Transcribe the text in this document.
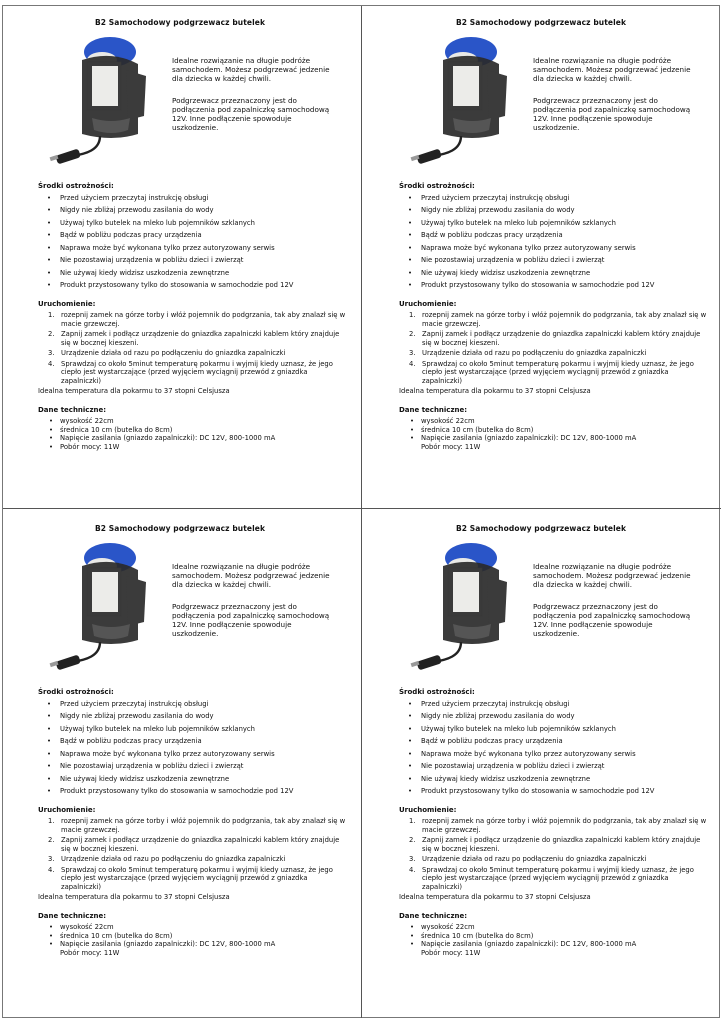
B2 Samochodowy podgrzewacz butelek

Idealne rozwiązanie na długie podróże samochodem. Możesz podgrzewać jedzenie dla dziecka w każdej chwili.

Podgrzewacz przeznaczony jest do podłączenia pod zapalniczkę samochodową 12V. Inne podłączenie spowoduje uszkodzenie.

Środki ostrożności:
• Przed użyciem przeczytaj instrukcję obsługi
• Nigdy nie zbliżaj przewodu zasilania do wody
• Używaj tylko butelek na mleko lub pojemników szklanych
• Bądź w pobliżu podczas pracy urządzenia
• Naprawa może być wykonana tylko przez autoryzowany serwis
• Nie pozostawiaj urządzenia w pobliżu dzieci i zwierząt
• Nie używaj kiedy widzisz uszkodzenia zewnętrzne
• Produkt przystosowany tylko do stosowania w samochodzie pod 12V
Uruchomienie:
1. rozepnij zamek na górze torby i włóż pojemnik do podgrzania, tak aby znalazł się w macie grzewczej.
2. Zapnij zamek i podłącz urządzenie do gniazdka zapalniczki kablem który znajduje się w bocznej kieszeni.
3. Urządzenie działa od razu po podłączeniu do gniazdka zapalniczki
4. Sprawdzaj co około 5minut temperaturę pokarmu i wyjmij kiedy uznasz, że jego ciepło jest wystarczające (przed wyjęciem wyciągnij przewód z gniazdka zapalniczki)
Idealna temperatura dla pokarmu to 37 stopni Celsjusza
Dane techniczne:
• wysokość 22cm
• średnica 10 cm (butelka do 8cm)
• Napięcie zasilania (gniazdo zapalniczki): DC 12V, 800-1000 mA
• Pobór mocy: 11W
B2 Samochodowy podgrzewacz butelek

Idealne rozwiązanie na długie podróże samochodem. Możesz podgrzewać jedzenie dla dziecka w każdej chwili.

Podgrzewacz przeznaczony jest do podłączenia pod zapalniczkę samochodową 12V. Inne podłączenie spowoduje uszkodzenie.

Środki ostrożności:
• Przed użyciem przeczytaj instrukcję obsługi
• Nigdy nie zbliżaj przewodu zasilania do wody
• Używaj tylko butelek na mleko lub pojemników szklanych
• Bądź w pobliżu podczas pracy urządzenia
• Naprawa może być wykonana tylko przez autoryzowany serwis
• Nie pozostawiaj urządzenia w pobliżu dzieci i zwierząt
• Nie używaj kiedy widzisz uszkodzenia zewnętrzne
• Produkt przystosowany tylko do stosowania w samochodzie pod 12V
Uruchomienie:
1. rozepnij zamek na górze torby i włóż pojemnik do podgrzania, tak aby znalazł się w macie grzewczej.
2. Zapnij zamek i podłącz urządzenie do gniazdka zapalniczki kablem który znajduje się w bocznej kieszeni.
3. Urządzenie działa od razu po podłączeniu do gniazdka zapalniczki
4. Sprawdzaj co około 5minut temperaturę pokarmu i wyjmij kiedy uznasz, że jego ciepło jest wystarczające (przed wyjęciem wyciągnij przewód z gniazdka zapalniczki)
Idealna temperatura dla pokarmu to 37 stopni Celsjusza
Dane techniczne:
• wysokość 22cm
• średnica 10 cm (butelka do 8cm)
• Napięcie zasilania (gniazdo zapalniczki): DC 12V, 800-1000 mA
Pobór mocy: 11W
B2 Samochodowy podgrzewacz butelek

Idealne rozwiązanie na długie podróże samochodem. Możesz podgrzewać jedzenie dla dziecka w każdej chwili.

Podgrzewacz przeznaczony jest do podłączenia pod zapalniczkę samochodową 12V. Inne podłączenie spowoduje uszkodzenie.

Środki ostrożności:
• Przed użyciem przeczytaj instrukcję obsługi
• Nigdy nie zbliżaj przewodu zasilania do wody
• Używaj tylko butelek na mleko lub pojemników szklanych
• Bądź w pobliżu podczas pracy urządzenia
• Naprawa może być wykonana tylko przez autoryzowany serwis
• Nie pozostawiaj urządzenia w pobliżu dzieci i zwierząt
• Nie używaj kiedy widzisz uszkodzenia zewnętrzne
• Produkt przystosowany tylko do stosowania w samochodzie pod 12V
Uruchomienie:
1. rozepnij zamek na górze torby i włóż pojemnik do podgrzania, tak aby znalazł się w macie grzewczej.
2. Zapnij zamek i podłącz urządzenie do gniazdka zapalniczki kablem który znajduje się w bocznej kieszeni.
3. Urządzenie działa od razu po podłączeniu do gniazdka zapalniczki
4. Sprawdzaj co około 5minut temperaturę pokarmu i wyjmij kiedy uznasz, że jego ciepło jest wystarczające (przed wyjęciem wyciągnij przewód z gniazdka zapalniczki)
Idealna temperatura dla pokarmu to 37 stopni Celsjusza
Dane techniczne:
• wysokość 22cm
• średnica 10 cm (butelka do 8cm)
• Napięcie zasilania (gniazdo zapalniczki): DC 12V, 800-1000 mA
Pobór mocy: 11W
B2 Samochodowy podgrzewacz butelek

Idealne rozwiązanie na długie podróże samochodem. Możesz podgrzewać jedzenie dla dziecka w każdej chwili.

Podgrzewacz przeznaczony jest do podłączenia pod zapalniczkę samochodową 12V. Inne podłączenie spowoduje uszkodzenie.

Środki ostrożności:
• Przed użyciem przeczytaj instrukcję obsługi
• Nigdy nie zbliżaj przewodu zasilania do wody
• Używaj tylko butelek na mleko lub pojemników szklanych
• Bądź w pobliżu podczas pracy urządzenia
• Naprawa może być wykonana tylko przez autoryzowany serwis
• Nie pozostawiaj urządzenia w pobliżu dzieci i zwierząt
• Nie używaj kiedy widzisz uszkodzenia zewnętrzne
• Produkt przystosowany tylko do stosowania w samochodzie pod 12V
Uruchomienie:
1. rozepnij zamek na górze torby i włóż pojemnik do podgrzania, tak aby znalazł się w macie grzewczej.
2. Zapnij zamek i podłącz urządzenie do gniazdka zapalniczki kablem który znajduje się w bocznej kieszeni.
3. Urządzenie działa od razu po podłączeniu do gniazdka zapalniczki
4. Sprawdzaj co około 5minut temperaturę pokarmu i wyjmij kiedy uznasz, że jego ciepło jest wystarczające (przed wyjęciem wyciągnij przewód z gniazdka zapalniczki)
Idealna temperatura dla pokarmu to 37 stopni Celsjusza
Dane techniczne:
• wysokość 22cm
• średnica 10 cm (butelka do 8cm)
• Napięcie zasilania (gniazdo zapalniczki): DC 12V, 800-1000 mA
Pobór mocy: 11W
